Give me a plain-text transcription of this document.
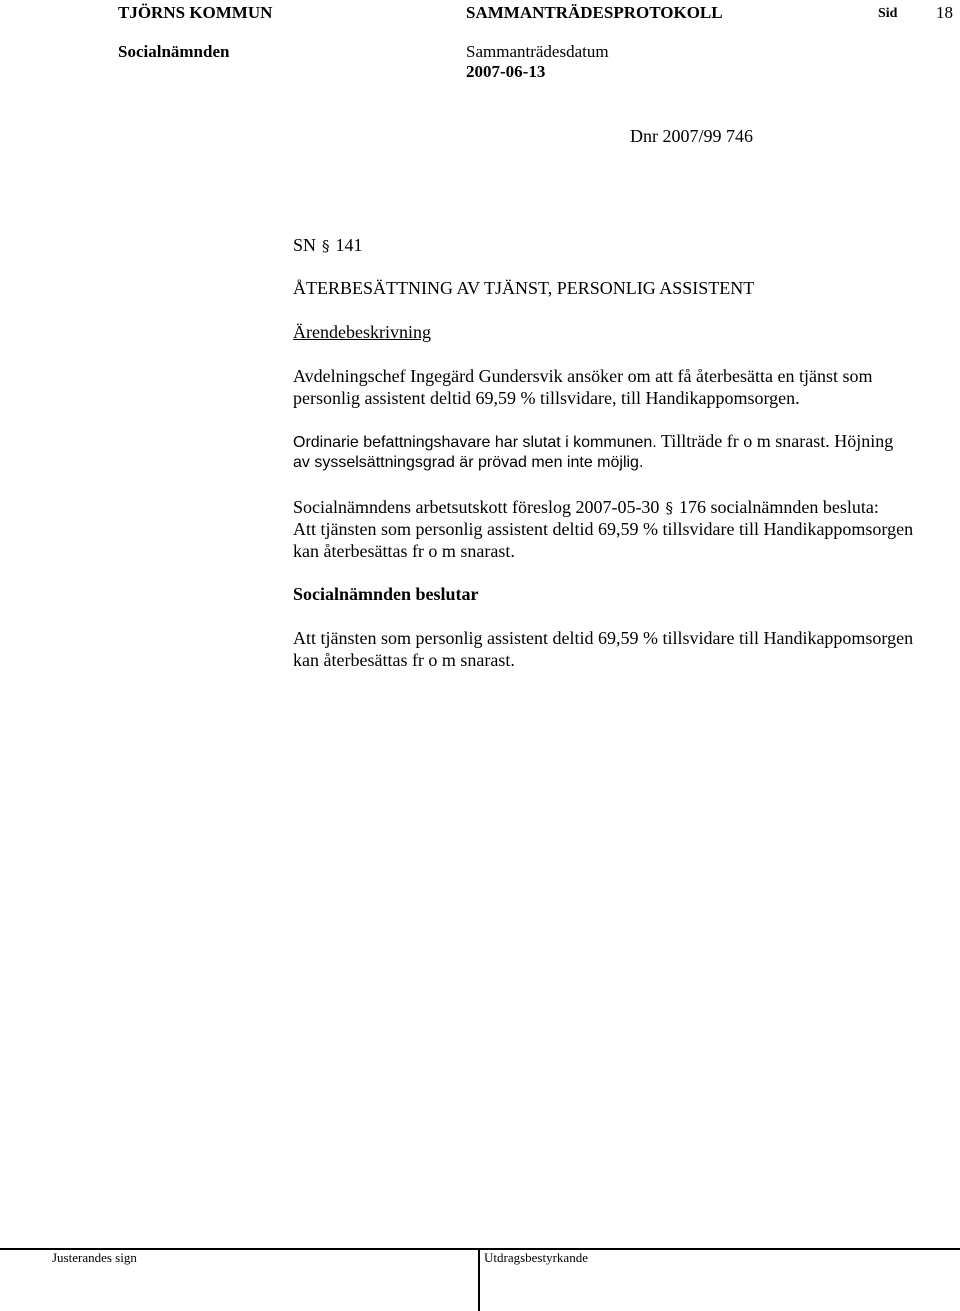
TJÖRNS KOMMUN	SAMMANTRÄDESPROTOKOLL	Sid 18
Socialnämnden	Sammanträdesdatum
2007-06-13
Dnr 2007/99 746
SN § 141
ÅTERBESÄTTNING AV TJÄNST, PERSONLIG ASSISTENT
Ärendebeskrivning
Avdelningschef Ingegärd Gundersvik ansöker om att få återbesätta en tjänst som
personlig assistent deltid 69,59 % tillsvidare, till Handikappomsorgen.
Ordinarie befattningshavare har slutat i kommunen. Tillträde fr o m snarast. Höjning
av sysselsättningsgrad är prövad men inte möjlig.
Socialnämndens arbetsutskott föreslog 2007-05-30 § 176 socialnämnden besluta:
Att tjänsten som personlig assistent deltid 69,59 % tillsvidare till Handikappomsorgen
kan återbesättas fr o m snarast.
Socialnämnden beslutar
Att tjänsten som personlig assistent deltid 69,59 % tillsvidare till Handikappomsorgen
kan återbesättas fr o m snarast.
Justerandes sign	Utdragsbestyrkande
